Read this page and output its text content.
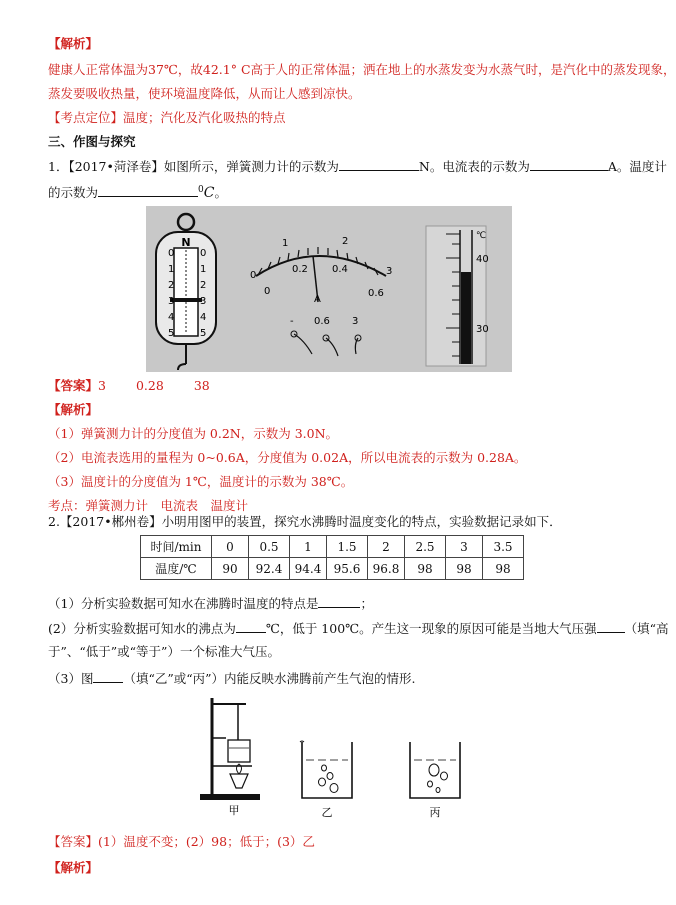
【解析】
健康人正常体温为37℃，故42.1° C高于人的正常体温；洒在地上的水蒸发变为水蒸气时，是汽化中的蒸发现象，
蒸发要吸收热量，使环境温度降低，从而让人感到凉快。
【考点定位】温度；汽化及汽化吸热的特点
三、作图与探究
1．【2017•菏泽卷】如图所示，弹簧测力计的示数为	N。电流表的示数为	A。温度计
的示数为	$^0$C。
N
0
1
2
3
4
5
0
1
2
3
4
5
0
1	2
3
0
0.2 0.4
0.6
A
- 0.6 3
℃
40
30
【答案】3 0.28 38
【解析】
（1）弹簧测力计的分度值为 0.2N，示数为 3.0N。
（2）电流表选用的量程为 0~0.6A，分度值为 0.02A，所以电流表的示数为 0.28A。
（3）温度计的分度值为 1℃，温度计的示数为 38℃。
考点：弹簧测力计　电流表　温度计
2.【2017•郴州卷】小明用图甲的装置，探究水沸腾时温度变化的特点，实验数据记录如下．
时间/min	0	0.5	1	1.5	2	2.5	3	3.5
温度/℃	90	92.4	94.4	95.6	96.8	98	98	98
（1）分析实验数据可知水在沸腾时温度的特点是	；
(2）分析实验数据可知水的沸点为 ℃，低于 100℃。产生这一现象的原因可能是当地大气压强 （填“高
于”、“低于”或“等于”）一个标准大气压。
（3）图 （填“乙”或“丙”）内能反映水沸腾前产生气泡的情形.
甲	乙	丙
【答案】(1）温度不变；(2）98；低于；(3）乙
【解析】
